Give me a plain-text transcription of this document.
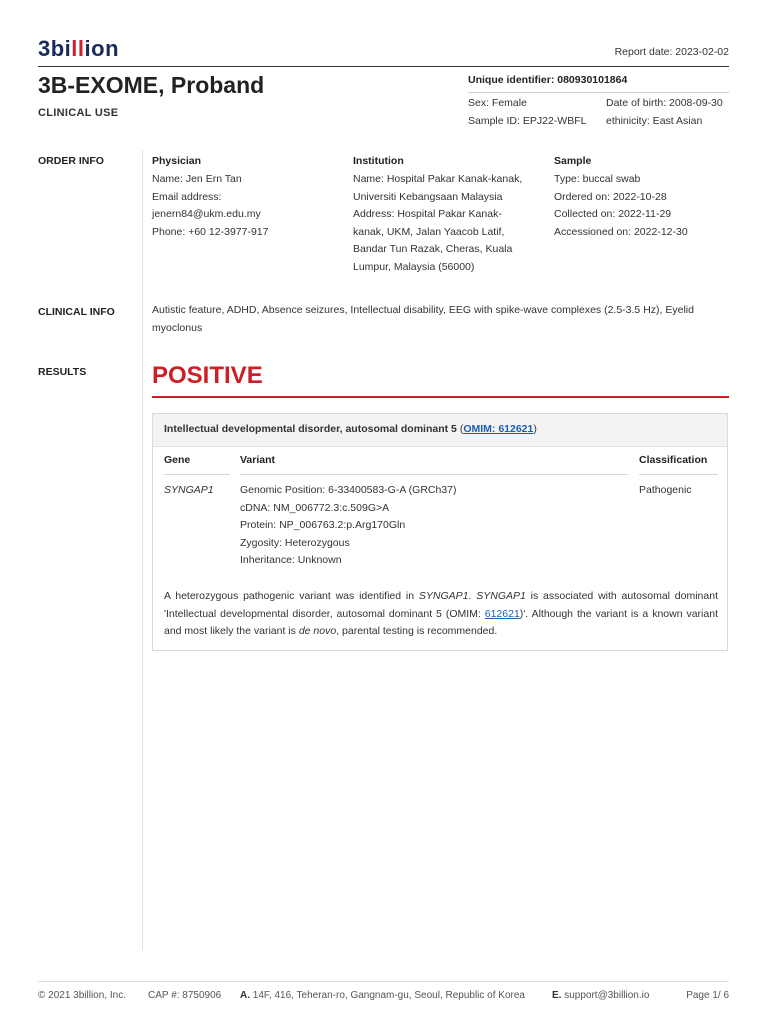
3billion	Report date: 2023-02-02
3B-EXOME, Proband
CLINICAL USE
Unique identifier: 080930101864
Sex: Female	Date of birth: 2008-09-30
Sample ID: EPJ22-WBFL ethinicity: East Asian
ORDER INFO	Physician
Name: Jen Ern Tan
Email address:
jenern84@ukm.edu.my
Phone: +60 12-3977-917
Institution
Name: Hospital Pakar Kanak-kanak,
Universiti Kebangsaan Malaysia
Address: Hospital Pakar Kanak-
kanak, UKM, Jalan Yaacob Latif,
Bandar Tun Razak, Cheras, Kuala
Lumpur, Malaysia (56000)
Sample
Type: buccal swab
Ordered on: 2022-10-28
Collected on: 2022-11-29
Accessioned on: 2022-12-30
CLINICAL INFO	Autistic feature, ADHD, Absence seizures, Intellectual disability, EEG with spike-wave complexes (2.5-3.5 Hz), Eyelid
myoclonus
RESULTS	POSITIVE
Intellectual developmental disorder, autosomal dominant 5 (OMIM: 612621)
Gene	Variant	Classification
SYNGAP1	Genomic Position: 6-33400583-G-A (GRCh37)
cDNA: NM_006772.3:c.509G>A
Protein: NP_006763.2:p.Arg170Gln
Zygosity: Heterozygous
Inheritance: Unknown
Pathogenic
A heterozygous pathogenic variant was identified in SYNGAP1. SYNGAP1 is associated with autosomal dominant 'Intellectual developmental disorder, autosomal dominant 5 (OMIM: 612621)'. Although the variant is a known variant and most likely the variant is de novo, parental testing is recommended.
© 2021 3billion, Inc. CAP #: 8750906 A. 14F, 416, Teheran-ro, Gangnam-gu, Seoul, Republic of Korea	E. support@3billion.io	Page 1/ 6
